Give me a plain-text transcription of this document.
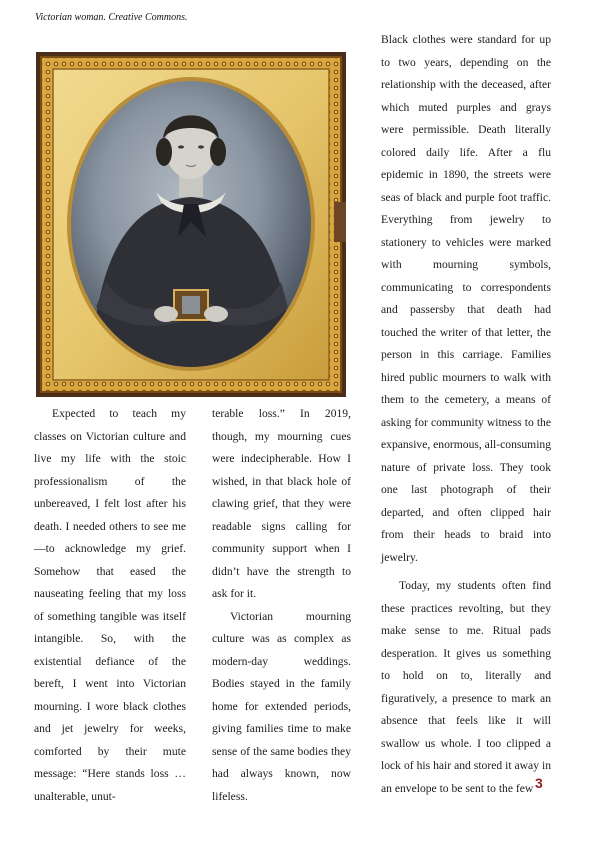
Victorian woman. Creative Commons.

Expected to teach my classes on Victorian culture and live my life with the stoic professionalism of the unbereaved, I felt lost after his death. I needed others to see me—to acknowledge my grief. Somehow that eased the nauseating feeling that my loss of something tangible was itself intangible. So, with the existential defiance of the bereft, I went into Victorian mourning. I wore black clothes and jet jewelry for weeks, comforted by their mute message: “Here stands loss … unalterable, unut-

terable loss.” In 2019, though, my mourning cues were indecipherable. How I wished, in that black hole of clawing grief, that they were readable signs calling for community support when I didn’t have the strength to ask for it.

Victorian mourning culture was as complex as modern-day weddings. Bodies stayed in the family home for extended periods, giving families time to make sense of the same bodies they had always known, now lifeless.

Black clothes were standard for up to two years, depending on the relationship with the deceased, after which muted purples and grays were permissible. Death literally colored daily life. After a flu epidemic in 1890, the streets were seas of black and purple foot traffic. Everything from jewelry to stationery to vehicles were marked with mourning symbols, communicating to correspondents and passersby that death had touched the writer of that letter, the person in this carriage. Families hired public mourners to walk with them to the cemetery, a means of asking for community witness to the expansive, enormous, all-consuming nature of private loss. They took one last photograph of their departed, and often clipped hair from their heads to braid into jewelry.

Today, my students often find these practices revolting, but they make sense to me. Ritual pads desperation. It gives us something to hold on to, literally and figuratively, a presence to mark an absence that feels like it will swallow us whole. I too clipped a lock of his hair and stored it away in an envelope to be sent to the few 3
